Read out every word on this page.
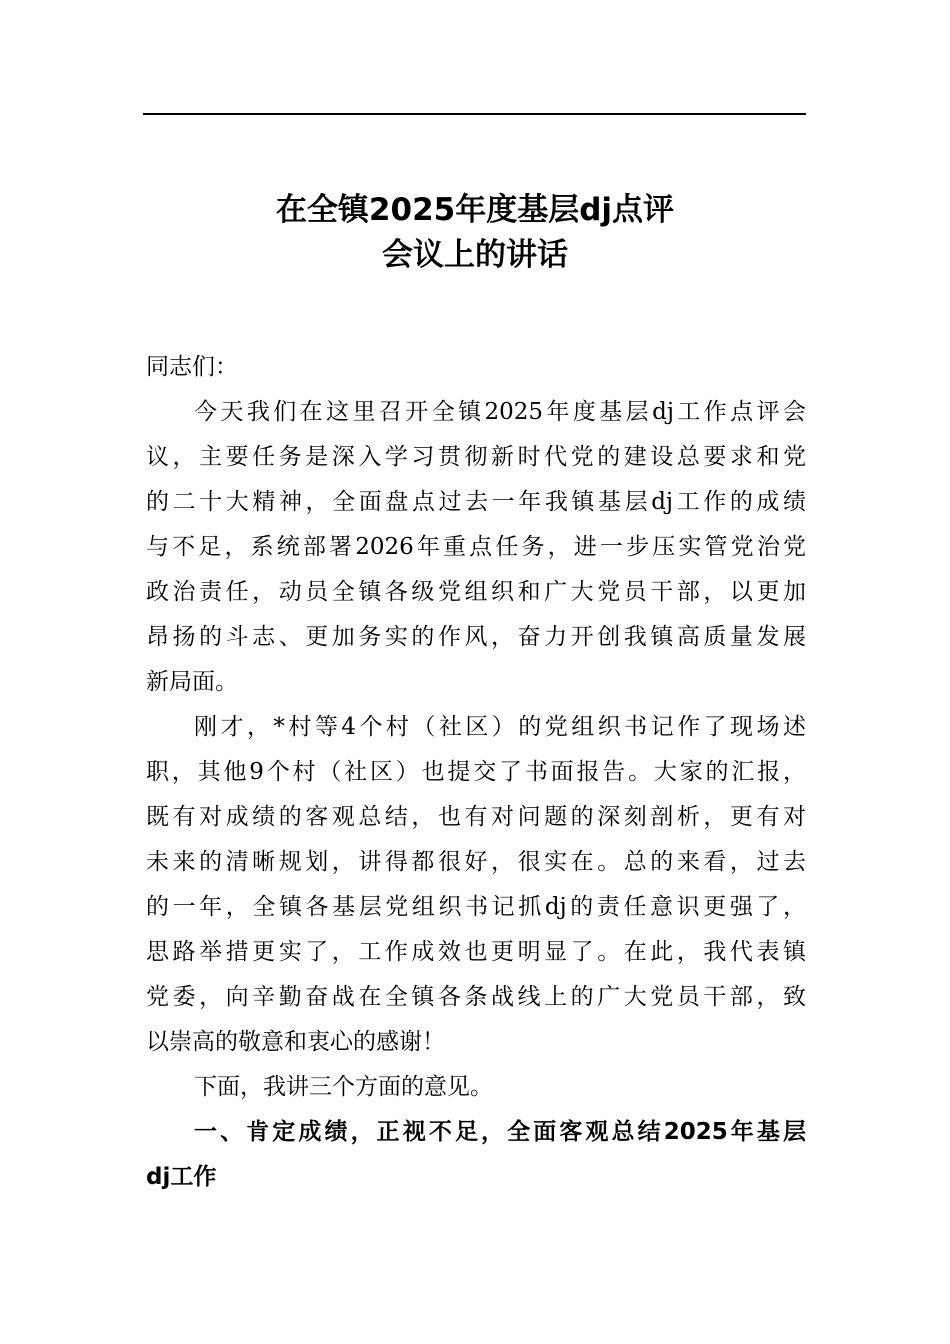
在全镇2025年度基层dj点评
会议上的讲话
同志们：
今天我们在这里召开全镇2025年度基层dj工作点评会
议，主要任务是深入学习贯彻新时代党的建设总要求和党
的二十大精神，全面盘点过去一年我镇基层dj工作的成绩
与不足，系统部署2026年重点任务，进一步压实管党治党
政治责任，动员全镇各级党组织和广大党员干部，以更加
昂扬的斗志、更加务实的作风，奋力开创我镇高质量发展
新局面。
刚才，*村等4个村（社区）的党组织书记作了现场述
职，其他9个村（社区）也提交了书面报告。大家的汇报，
既有对成绩的客观总结，也有对问题的深刻剖析，更有对
未来的清晰规划，讲得都很好，很实在。总的来看，过去
的一年，全镇各基层党组织书记抓dj的责任意识更强了，
思路举措更实了，工作成效也更明显了。在此，我代表镇
党委，向辛勤奋战在全镇各条战线上的广大党员干部，致
以崇高的敬意和衷心的感谢！
下面，我讲三个方面的意见。
一、肯定成绩，正视不足，全面客观总结2025年基层
dj工作
